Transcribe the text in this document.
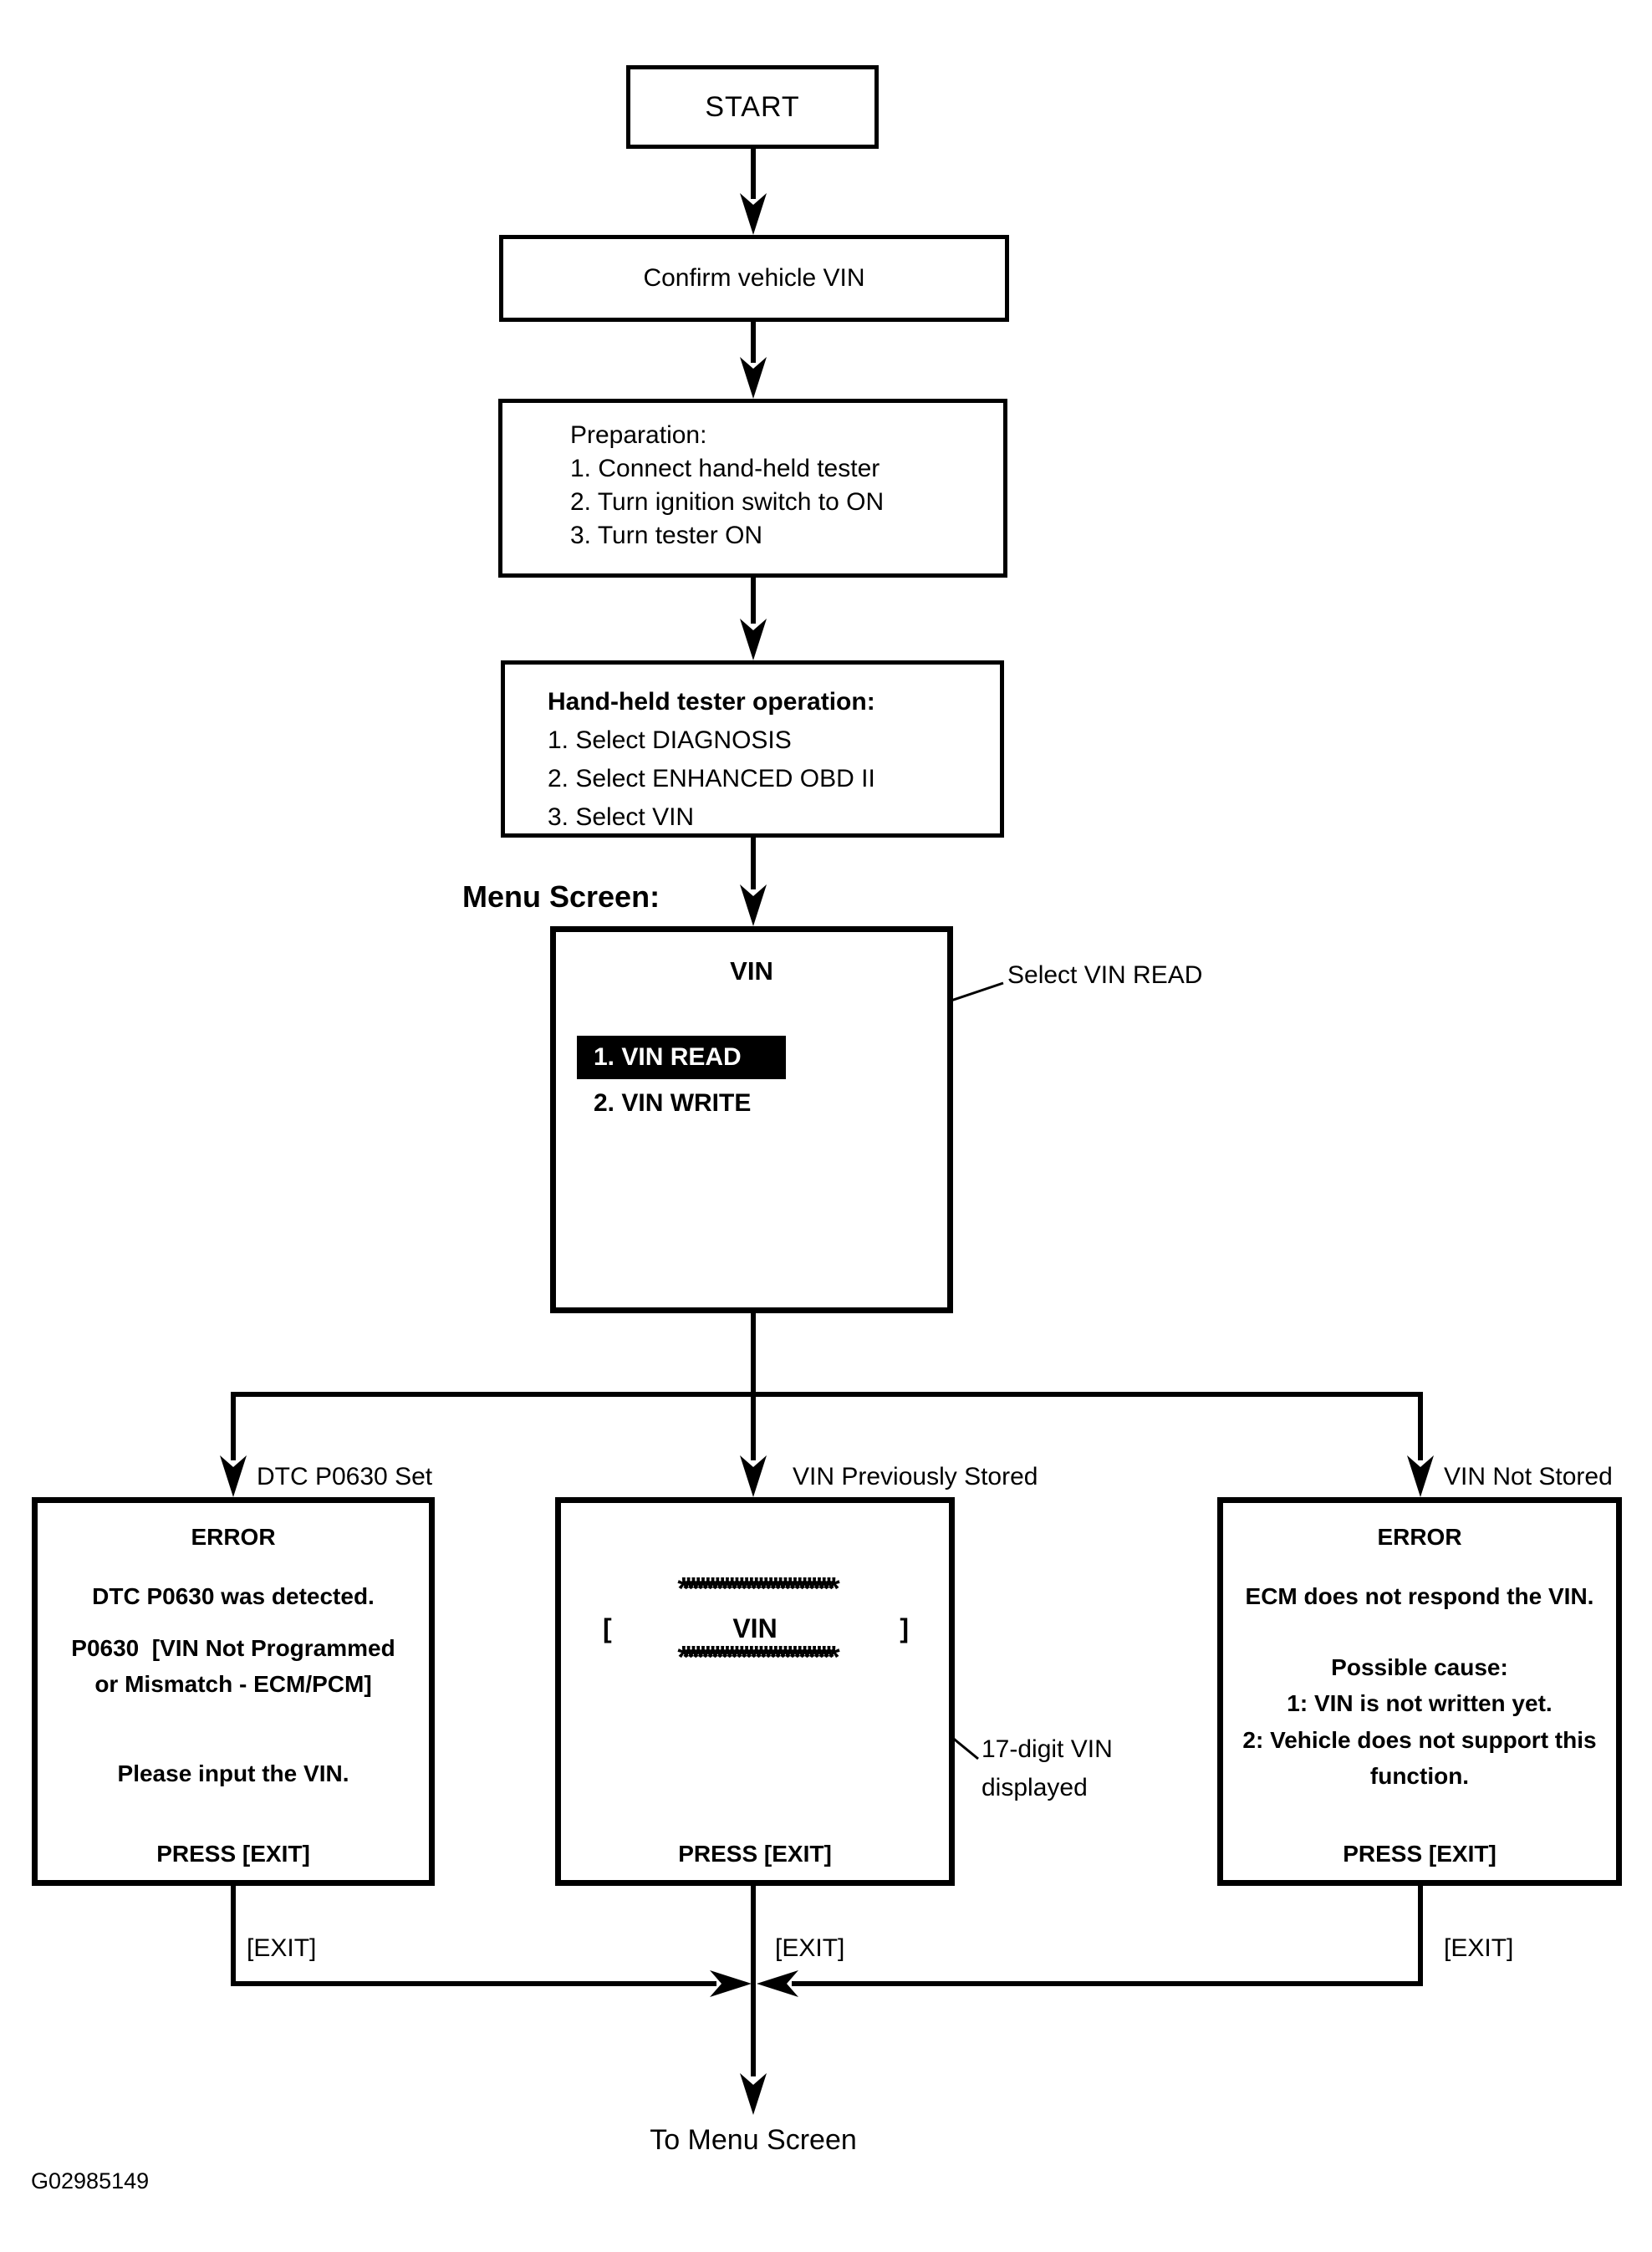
START
Confirm vehicle VIN
Preparation:
1. Connect hand-held tester
2. Turn ignition switch to ON
3. Turn tester ON
Hand-held tester operation:
1. Select DIAGNOSIS
2. Select ENHANCED OBD II
3. Select VIN
VIN
1. VIN READ
2. VIN WRITE
ERROR
DTC P0630 was detected.
P0630  [VIN Not Programmed
or Mismatch - ECM/PCM]
Please input the VIN.
PRESS [EXIT]
********************************
[	VIN	]
********************************
PRESS [EXIT]
ERROR
ECM does not respond the VIN.
Possible cause:
1: VIN is not written yet.
2: Vehicle does not support this
function.
PRESS [EXIT]
Menu Screen:
Select VIN READ
DTC P0630 Set	VIN Previously Stored	VIN Not Stored
17-digit VIN
displayed
[EXIT]	[EXIT]	[EXIT]
To Menu Screen
G02985149
